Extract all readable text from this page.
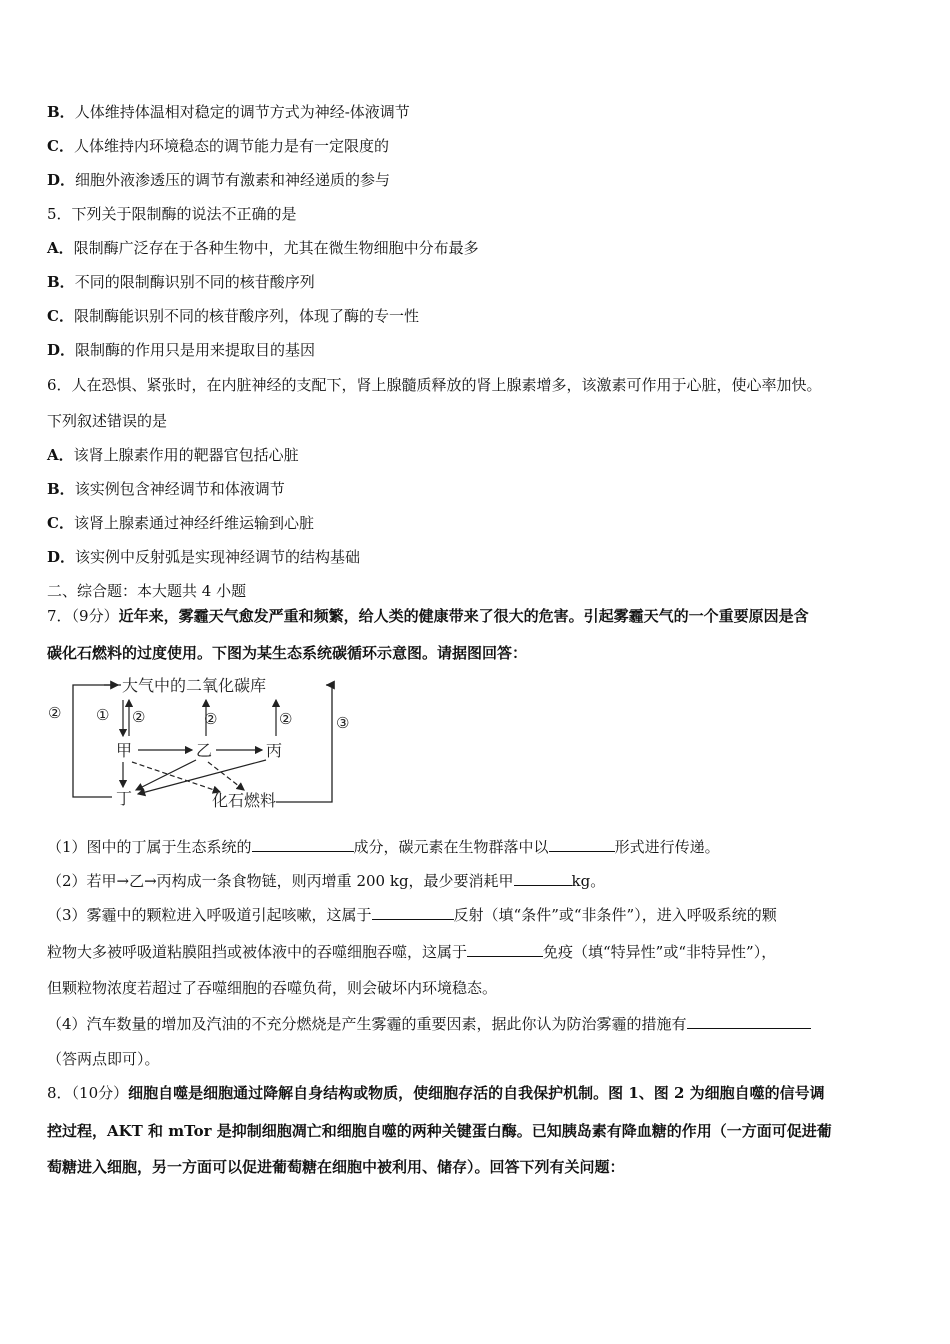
B．人体维持体温相对稳定的调节方式为神经-体液调节
C．人体维持内环境稳态的调节能力是有一定限度的
D．细胞外液渗透压的调节有激素和神经递质的参与
5．下列关于限制酶的说法不正确的是
A．限制酶广泛存在于各种生物中，尤其在微生物细胞中分布最多
B．不同的限制酶识别不同的核苷酸序列
C．限制酶能识别不同的核苷酸序列，体现了酶的专一性
D．限制酶的作用只是用来提取目的基因
6．人在恐惧、紧张时，在内脏神经的支配下，肾上腺髓质释放的肾上腺素增多，该激素可作用于心脏，使心率加快。
下列叙述错误的是
A．该肾上腺素作用的靶器官包括心脏
B．该实例包含神经调节和体液调节
C．该肾上腺素通过神经纤维运输到心脏
D．该实例中反射弧是实现神经调节的结构基础
二、综合题：本大题共 4 小题
7．（9分）近年来，雾霾天气愈发严重和频繁，给人类的健康带来了很大的危害。引起雾霾天气的一个重要原因是含
碳化石燃料的过度使用。下图为某生态系统碳循环示意图。请据图回答：
大气中的二氧化碳库
② ① ②	②	②	③
甲	乙	丙
丁	化石燃料
（1）图中的丁属于生态系统的	成分，碳元素在生物群落中以	形式进行传递。
（2）若甲→乙→丙构成一条食物链，则丙增重 200 kg，最少要消耗甲	kg。
（3）雾霾中的颗粒进入呼吸道引起咳嗽，这属于	反射（填“条件”或“非条件”），进入呼吸系统的颗
粒物大多被呼吸道粘膜阻挡或被体液中的吞噬细胞吞噬，这属于	免疫（填“特异性”或“非特异性”），
但颗粒物浓度若超过了吞噬细胞的吞噬负荷，则会破坏内环境稳态。
（4）汽车数量的增加及汽油的不充分燃烧是产生雾霾的重要因素，据此你认为防治雾霾的措施有
（答两点即可）。
8．（10分）细胞自噬是细胞通过降解自身结构或物质，使细胞存活的自我保护机制。图 1、图 2 为细胞自噬的信号调
控过程，AKT 和 mTor 是抑制细胞凋亡和细胞自噬的两种关键蛋白酶。已知胰岛素有降血糖的作用（一方面可促进葡
萄糖进入细胞，另一方面可以促进葡萄糖在细胞中被利用、储存）。回答下列有关问题：
